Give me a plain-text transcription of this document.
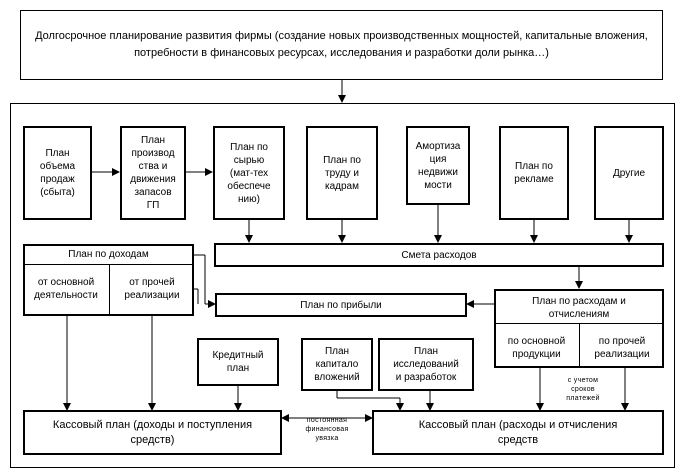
Долгосрочное планирование развития фирмы (создание новых производственных мощностей, капитальные вложения, потребности в финансовых ресурсах, исследования и разработки доли рынка…)
План
объема
продаж
(сбыта)
План
производ
ства и
движения
запасов
ГП
План по
сырью
(мат-тех
обеспече
нию)
План по
труду и
кадрам
Амортиза
ция
недвижи
мости
План по
рекламе
Другие
План по доходам
от основной
деятельности
от прочей
реализации
Смета расходов
План по прибыли	План по расходам и
отчислениям
по основной
продукции
по прочей
реализации
с учетом
сроков
платежей
Кредитный
план
План
капитало
вложений
План
исследований
и разработок
Кассовый план (доходы и поступления
средств)
Кассовый план (расходы и отчисления
средств
постоянная
финансовая
увязка
